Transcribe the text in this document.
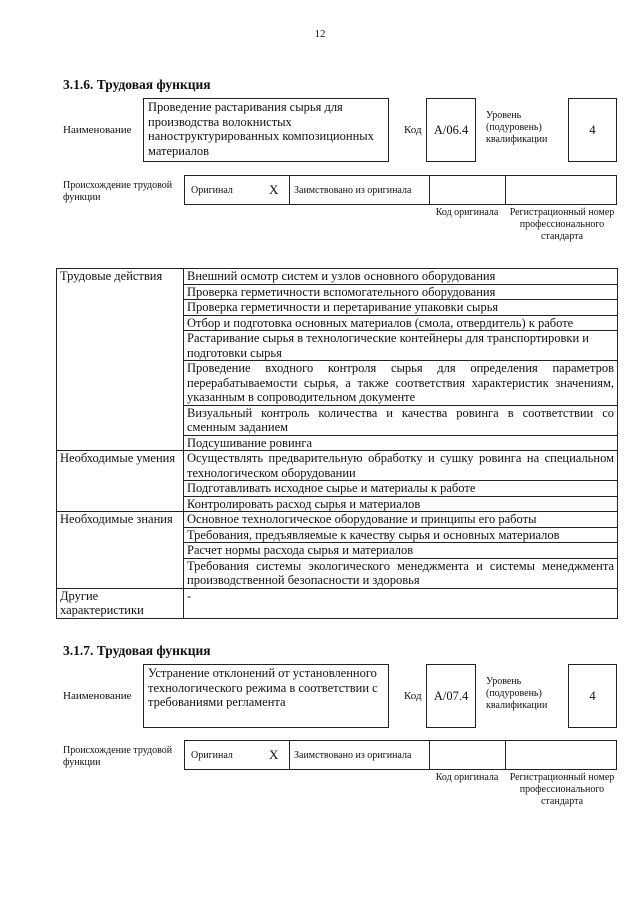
12
3.1.6. Трудовая функция
Наименование
Проведение растаривания сырья для производства волокнистых наноструктурированных композиционных материалов
Код А/06.4
Уровень (подуровень) квалификации
4
Происхождение трудовой функции
Оригинал	X Заимствовано из оригинала
Код оригинала	Регистрационный номер профессионального стандарта
Трудовые действия	Внешний осмотр систем и узлов основного оборудования
	Проверка герметичности вспомогательного оборудования
	Проверка герметичности и перетаривание упаковки сырья
	Отбор и подготовка основных материалов (смола, отвердитель) к работе
	Растаривание сырья в технологические контейнеры для транспортировки и подготовки сырья
	Проведение входного контроля сырья для определения параметров перерабатываемости сырья, а также соответствия характеристик значениям, указанным в сопроводительном документе
	Визуальный контроль количества и качества ровинга в соответствии со сменным заданием
	Подсушивание ровинга
Необходимые умения	Осуществлять предварительную обработку и сушку ровинга на специальном технологическом оборудовании
	Подготавливать исходное сырье и материалы к работе
	Контролировать расход сырья и материалов
Необходимые знания	Основное технологическое оборудование и принципы его работы
	Требования, предъявляемые к качеству сырья и основных материалов
	Расчет нормы расхода сырья и материалов
	Требования системы экологического менеджмента и системы менеджмента производственной безопасности и здоровья
Другие характеристики	-
3.1.7. Трудовая функция
Наименование
Устранение отклонений от установленного технологического режима в соответствии с требованиями регламента	Код А/07.4
Уровень (подуровень) квалификации
4
Происхождение трудовой функции
Оригинал	X Заимствовано из оригинала
Код оригинала	Регистрационный номер профессионального стандарта
